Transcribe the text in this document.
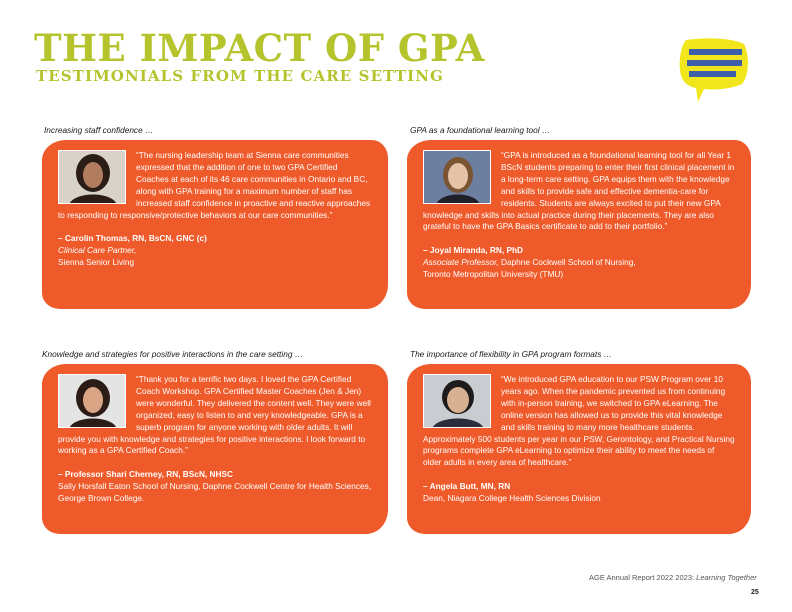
THE IMPACT OF GPA
TESTIMONIALS FROM THE CARE SETTING
Increasing staff confidence …
“The nursing leadership team at Sienna care communities expressed that the addition of one to two GPA Certified Coaches at each of its 46 care communities in Ontario and BC, along with GPA training for a maximum number of staff has increased staff confidence in proactive and reactive approaches to responding to responsive/protective behaviors at our care communities.”
– Carolin Thomas, RN, BsCN, GNC (c)
Clinical Care Partner,
Sienna Senior Living
GPA as a foundational learning tool …
“GPA is introduced as a foundational learning tool for all Year 1 BScN students preparing to enter their first clinical placement in a long-term care setting. GPA equips them with the knowledge and skills to provide safe and effective dementia-care for residents. Students are always excited to put their new GPA knowledge and skills into actual practice during their placements. They are also grateful to have the GPA Basics certificate to add to their portfolio.”
– Joyal Miranda, RN, PhD
Associate Professor, Daphne Cockwell School of Nursing,
Toronto Metropolitan University (TMU)
Knowledge and strategies for positive interactions in the care setting …
“Thank you for a terrific two days. I loved the GPA Certified Coach Workshop. GPA Certified Master Coaches (Jen & Jen) were wonderful. They delivered the content well. They were well organized, easy to listen to and very knowledgeable. GPA is a superb program for anyone working with older adults. It will provide you with knowledge and strategies for positive interactions. I look forward to working as a GPA Certified Coach.”
– Professor Shari Cherney, RN, BScN, NHSC
Sally Horsfall Eaton School of Nursing, Daphne Cockwell Centre for Health Sciences, George Brown College.
The importance of flexibility in GPA program formats …
“We introduced GPA education to our PSW Program over 10 years ago. When the pandemic prevented us from continuing with in-person training, we switched to GPA eLearning. The online version has allowed us to provide this vital knowledge and skills training to many more healthcare students. Approximately 500 students per year in our PSW, Gerontology, and Practical Nursing programs complete GPA eLearning to optimize their ability to meet the needs of older adults in every area of healthcare.”
– Angela Butt, MN, RN
Dean, Niagara College Health Sciences Division
AGE Annual Report 2022 2023: Learning Together
25
